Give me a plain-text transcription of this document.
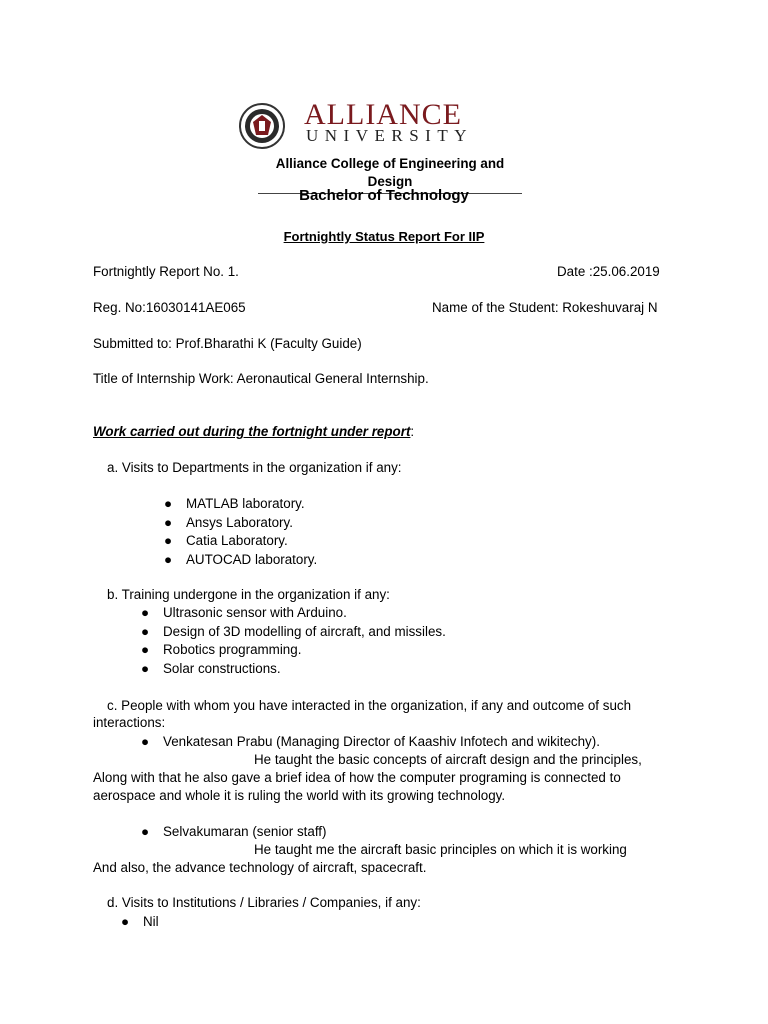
ALLIANCE
UNIVERSITY
Alliance College of Engineering and Design
Bachelor of Technology
Fortnightly Status Report For IIP
Fortnightly Report No. 1.	Date :25.06.2019
Reg. No:16030141AE065	Name of the Student: Rokeshuvaraj N
Submitted to: Prof.Bharathi K (Faculty Guide)
Title of Internship Work: Aeronautical General Internship.
Work carried out during the fortnight under report:
a. Visits to Departments in the organization if any:
● MATLAB laboratory.
● Ansys Laboratory.
● Catia Laboratory.
● AUTOCAD laboratory.
b. Training undergone in the organization if any:
● Ultrasonic sensor with Arduino.
● Design of 3D modelling of aircraft, and missiles.
● Robotics programming.
● Solar constructions.
c. People with whom you have interacted in the organization, if any and outcome of such
interactions:
● Venkatesan Prabu (Managing Director of Kaashiv Infotech and wikitechy).
He taught the basic concepts of aircraft design and the principles,
Along with that he also gave a brief idea of how the computer programing is connected to
aerospace and whole it is ruling the world with its growing technology.
● Selvakumaran (senior staff)
He taught me the aircraft basic principles on which it is working
And also, the advance technology of aircraft, spacecraft.
d. Visits to Institutions / Libraries / Companies, if any:
● Nil
